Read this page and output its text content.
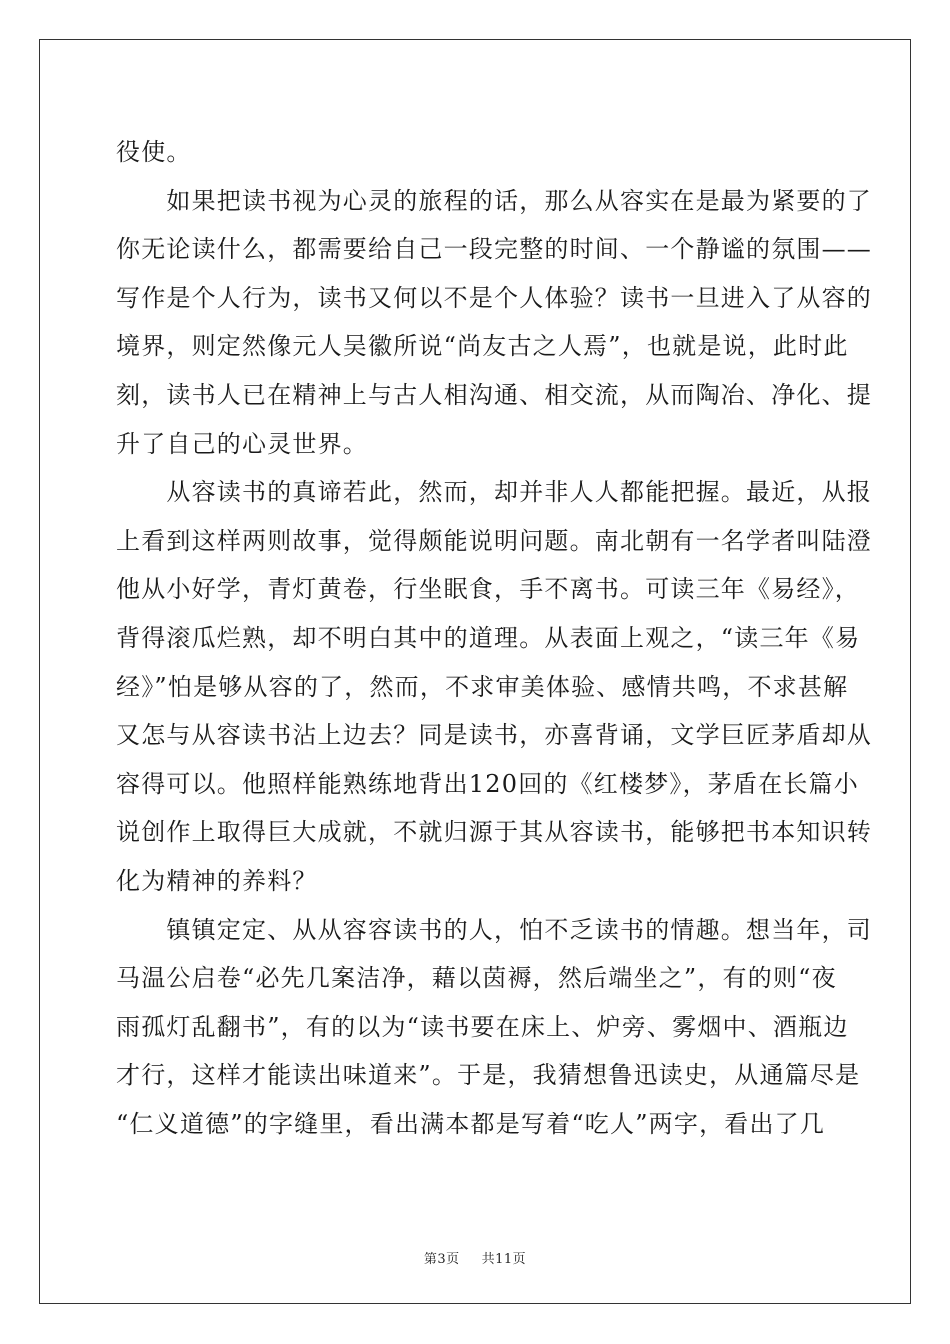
役使。
　　如果把读书视为心灵的旅程的话，那么从容实在是最为紧要的了
你无论读什么，都需要给自己一段完整的时间、一个静谧的氛围——
写作是个人行为，读书又何以不是个人体验？读书一旦进入了从容的
境界，则定然像元人吴徽所说“尚友古之人焉”，也就是说，此时此
刻，读书人已在精神上与古人相沟通、相交流，从而陶冶、净化、提
升了自己的心灵世界。
　　从容读书的真谛若此，然而，却并非人人都能把握。最近，从报
上看到这样两则故事，觉得颇能说明问题。南北朝有一名学者叫陆澄
他从小好学，青灯黄卷，行坐眠食，手不离书。可读三年《易经》，
背得滚瓜烂熟，却不明白其中的道理。从表面上观之，“读三年《易
经》”怕是够从容的了，然而，不求审美体验、感情共鸣，不求甚解
又怎与从容读书沾上边去？同是读书，亦喜背诵，文学巨匠茅盾却从
容得可以。他照样能熟练地背出120回的《红楼梦》，茅盾在长篇小
说创作上取得巨大成就，不就归源于其从容读书，能够把书本知识转
化为精神的养料？
　　镇镇定定、从从容容读书的人，怕不乏读书的情趣。想当年，司
马温公启卷“必先几案洁净，藉以茵褥，然后端坐之”，有的则“夜
雨孤灯乱翻书”，有的以为“读书要在床上、炉旁、雾烟中、酒瓶边
才行，这样才能读出味道来”。于是，我猜想鲁迅读史，从通篇尽是
“仁义道德”的字缝里，看出满本都是写着“吃人”两字，看出了几
第3页 共11页
